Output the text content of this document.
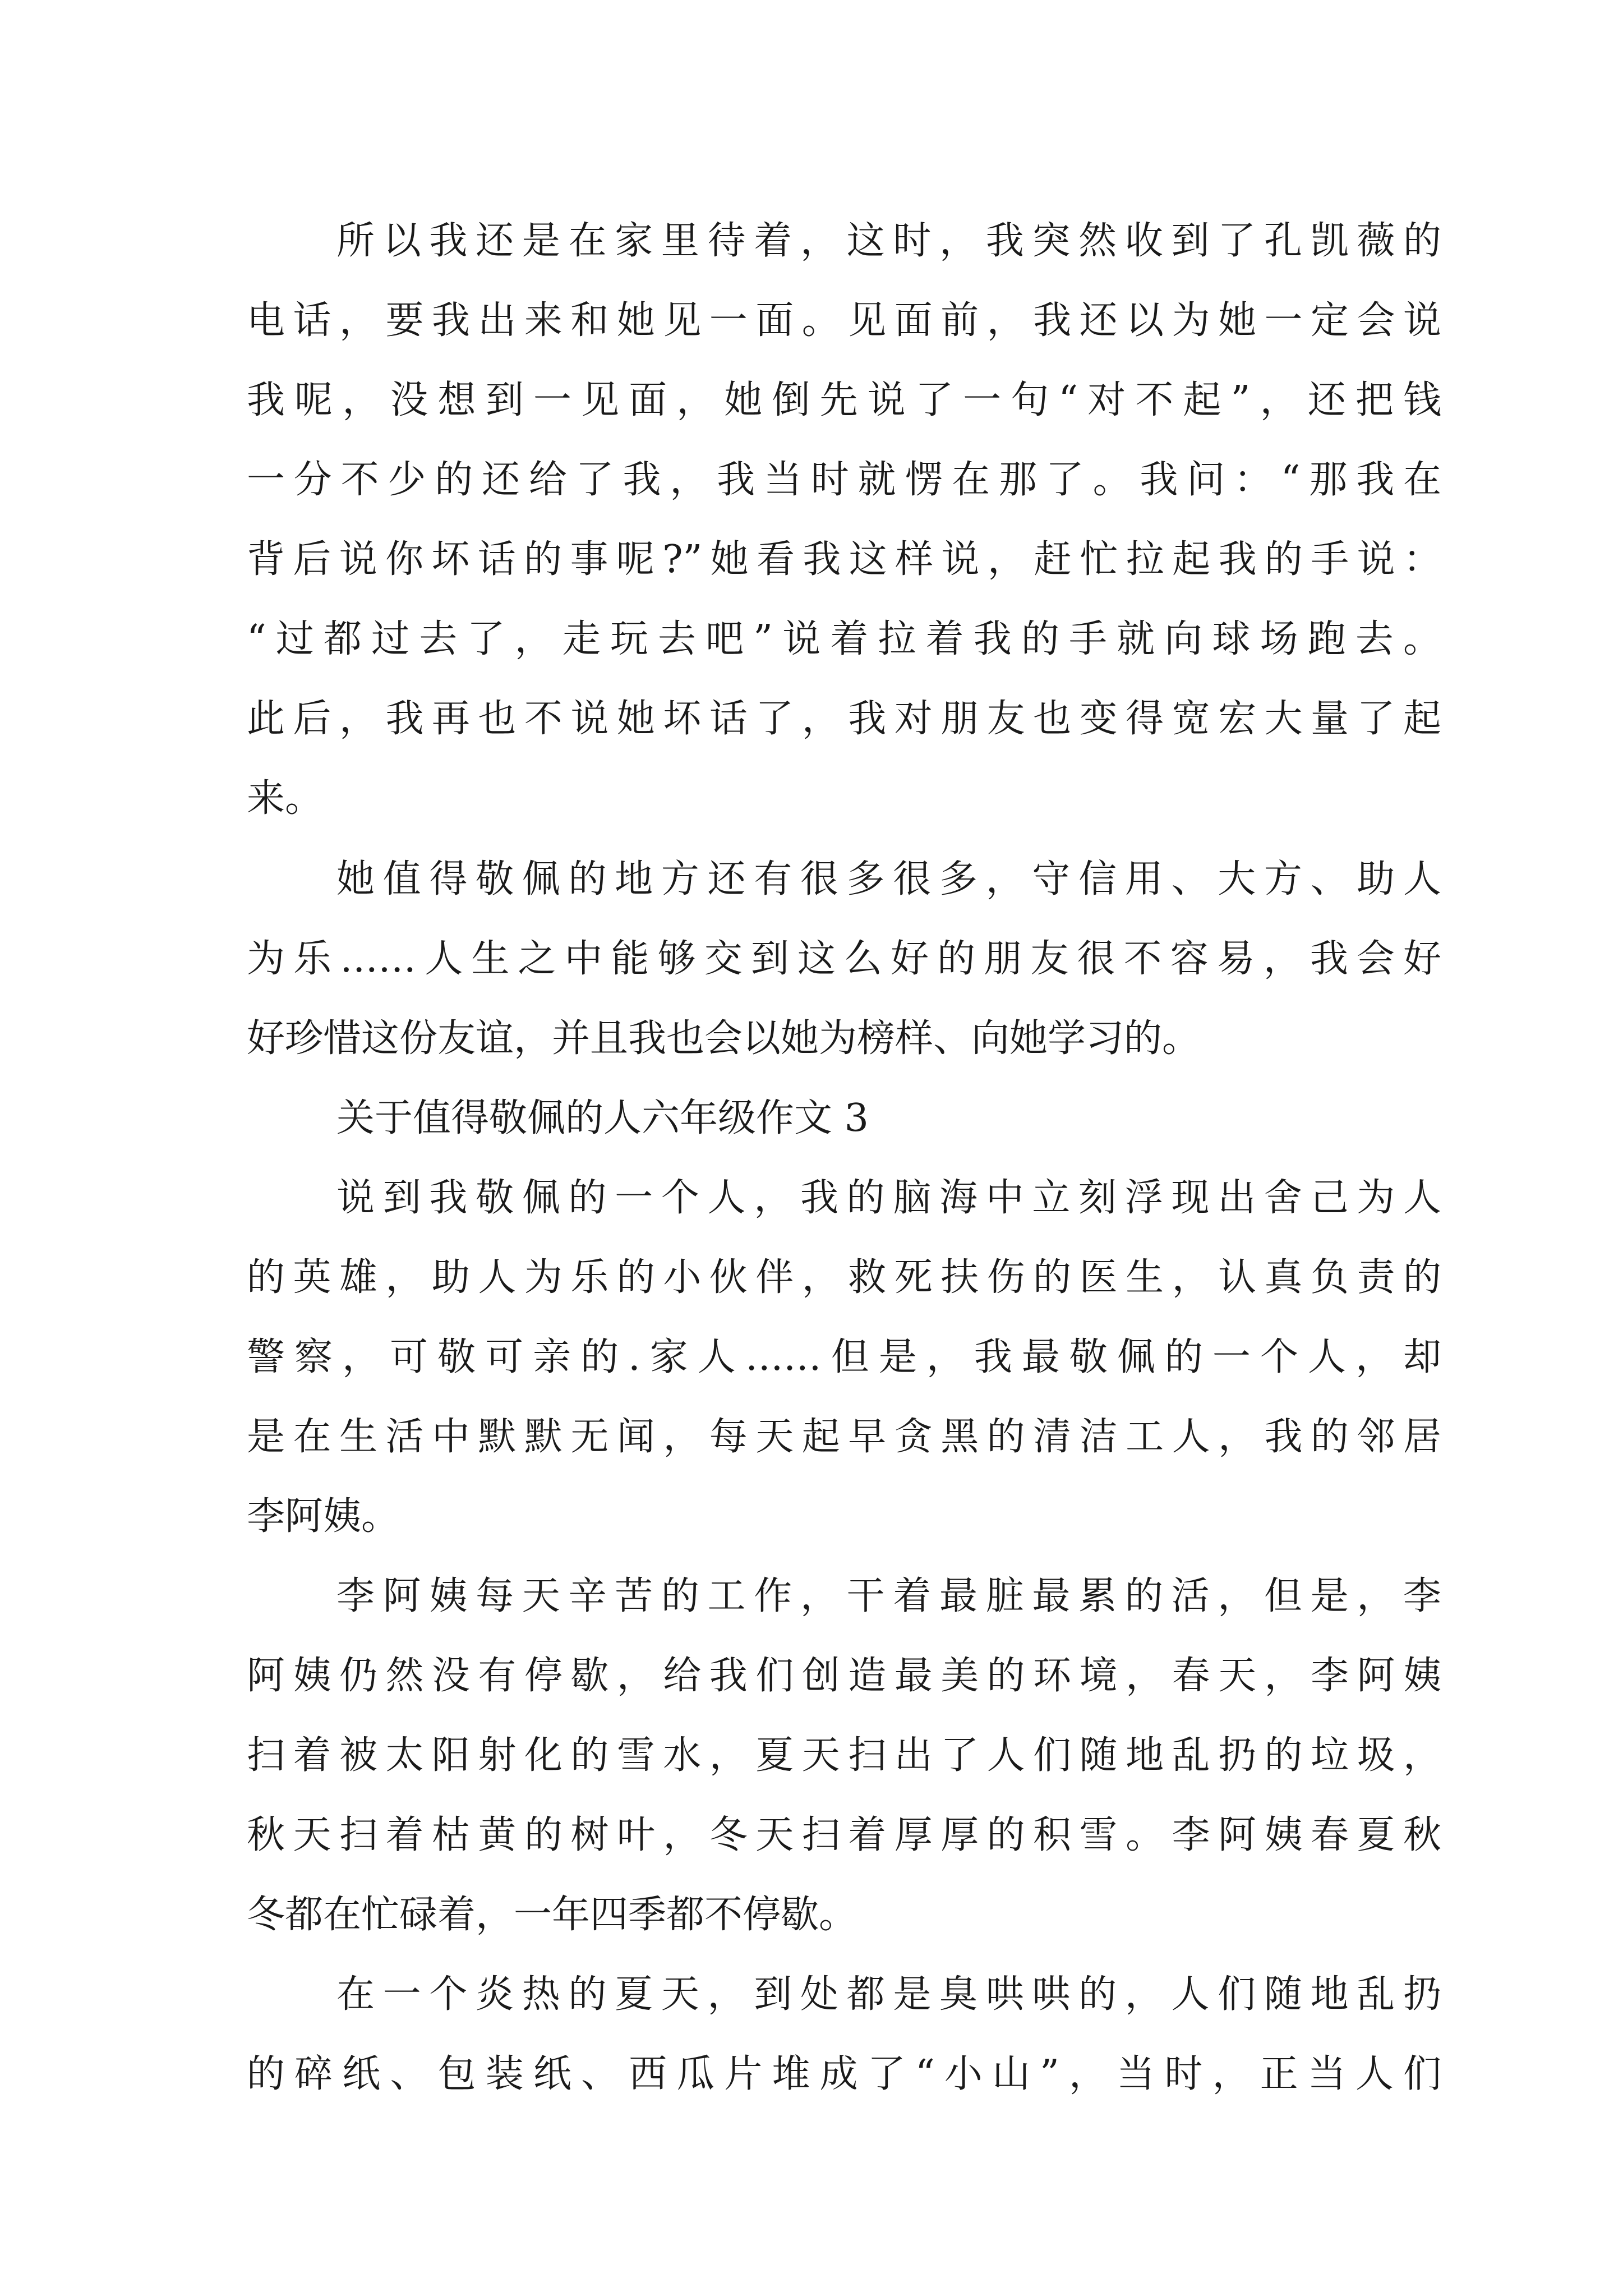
所以我还是在家里待着，这时，我突然收到了孔凯薇的
电话，要我出来和她见一面。见面前，我还以为她一定会说
我呢，没想到一见面，她倒先说了一句“对不起”，还把钱
一分不少的还给了我，我当时就愣在那了。我问：“那我在
背后说你坏话的事呢?”她看我这样说，赶忙拉起我的手说：
“过都过去了，走玩去吧”说着拉着我的手就向球场跑去。
此后，我再也不说她坏话了，我对朋友也变得宽宏大量了起
来。
她值得敬佩的地方还有很多很多，守信用、大方、助人
为乐……人生之中能够交到这么好的朋友很不容易，我会好
好珍惜这份友谊，并且我也会以她为榜样、向她学习的。
关于值得敬佩的人六年级作文 3
说到我敬佩的一个人，我的脑海中立刻浮现出舍己为人
的英雄，助人为乐的小伙伴，救死扶伤的医生，认真负责的
警察，可敬可亲的.家人……但是，我最敬佩的一个人，却
是在生活中默默无闻，每天起早贪黑的清洁工人，我的邻居
李阿姨。
李阿姨每天辛苦的工作，干着最脏最累的活，但是，李
阿姨仍然没有停歇，给我们创造最美的环境，春天，李阿姨
扫着被太阳射化的雪水，夏天扫出了人们随地乱扔的垃圾，
秋天扫着枯黄的树叶，冬天扫着厚厚的积雪。李阿姨春夏秋
冬都在忙碌着，一年四季都不停歇。
在一个炎热的夏天，到处都是臭哄哄的，人们随地乱扔
的碎纸、包装纸、西瓜片堆成了“小山”，当时，正当人们
